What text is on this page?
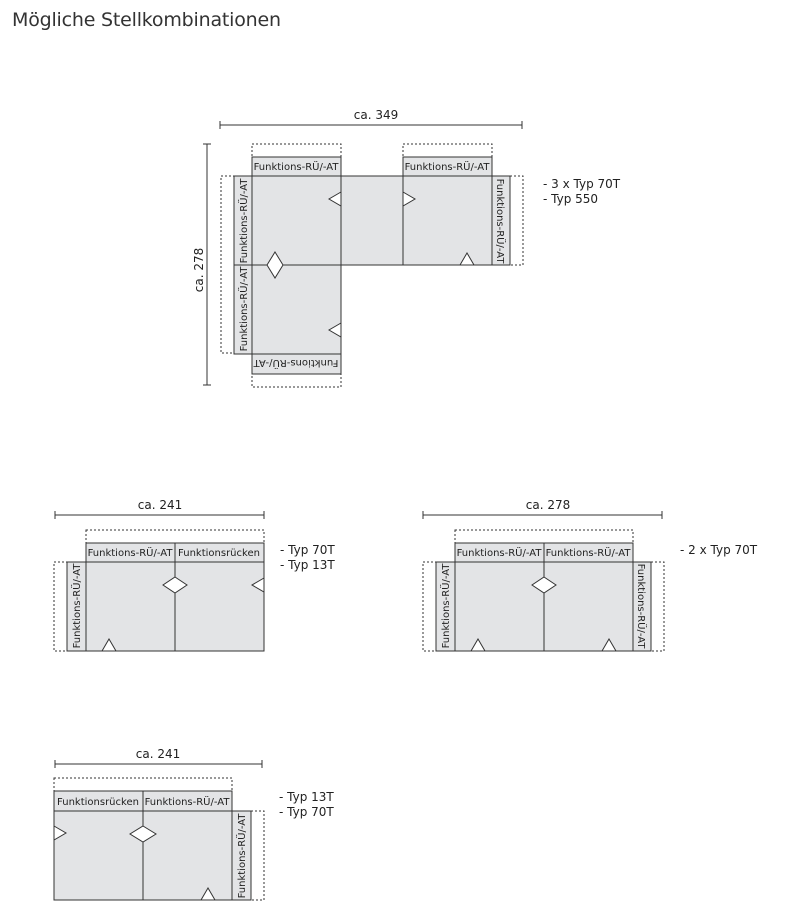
Mögliche Stellkombinationen
ca. 349
ca. 278
Funktions-RÜ/-AT	Funktions-RÜ/-AT
Funktions-RÜ/-AT
Funktions-RÜ/-AT
Funktions-RÜ/-AT
Funktions-RÜ/-AT
- 3 x Typ 70T
- Typ 550
ca. 241
Funktions-RÜ/-AT Funktionsrücken
Funktions-RÜ/-AT
- Typ 70T
- Typ 13T
ca. 278
Funktions-RÜ/-AT Funktions-RÜ/-AT
Funktions-RÜ/-AT	Funktions-RÜ/-AT
- 2 x Typ 70T
ca. 241
Funktionsrücken Funktions-RÜ/-AT
Funktions-RÜ/-AT
- Typ 13T
- Typ 70T
